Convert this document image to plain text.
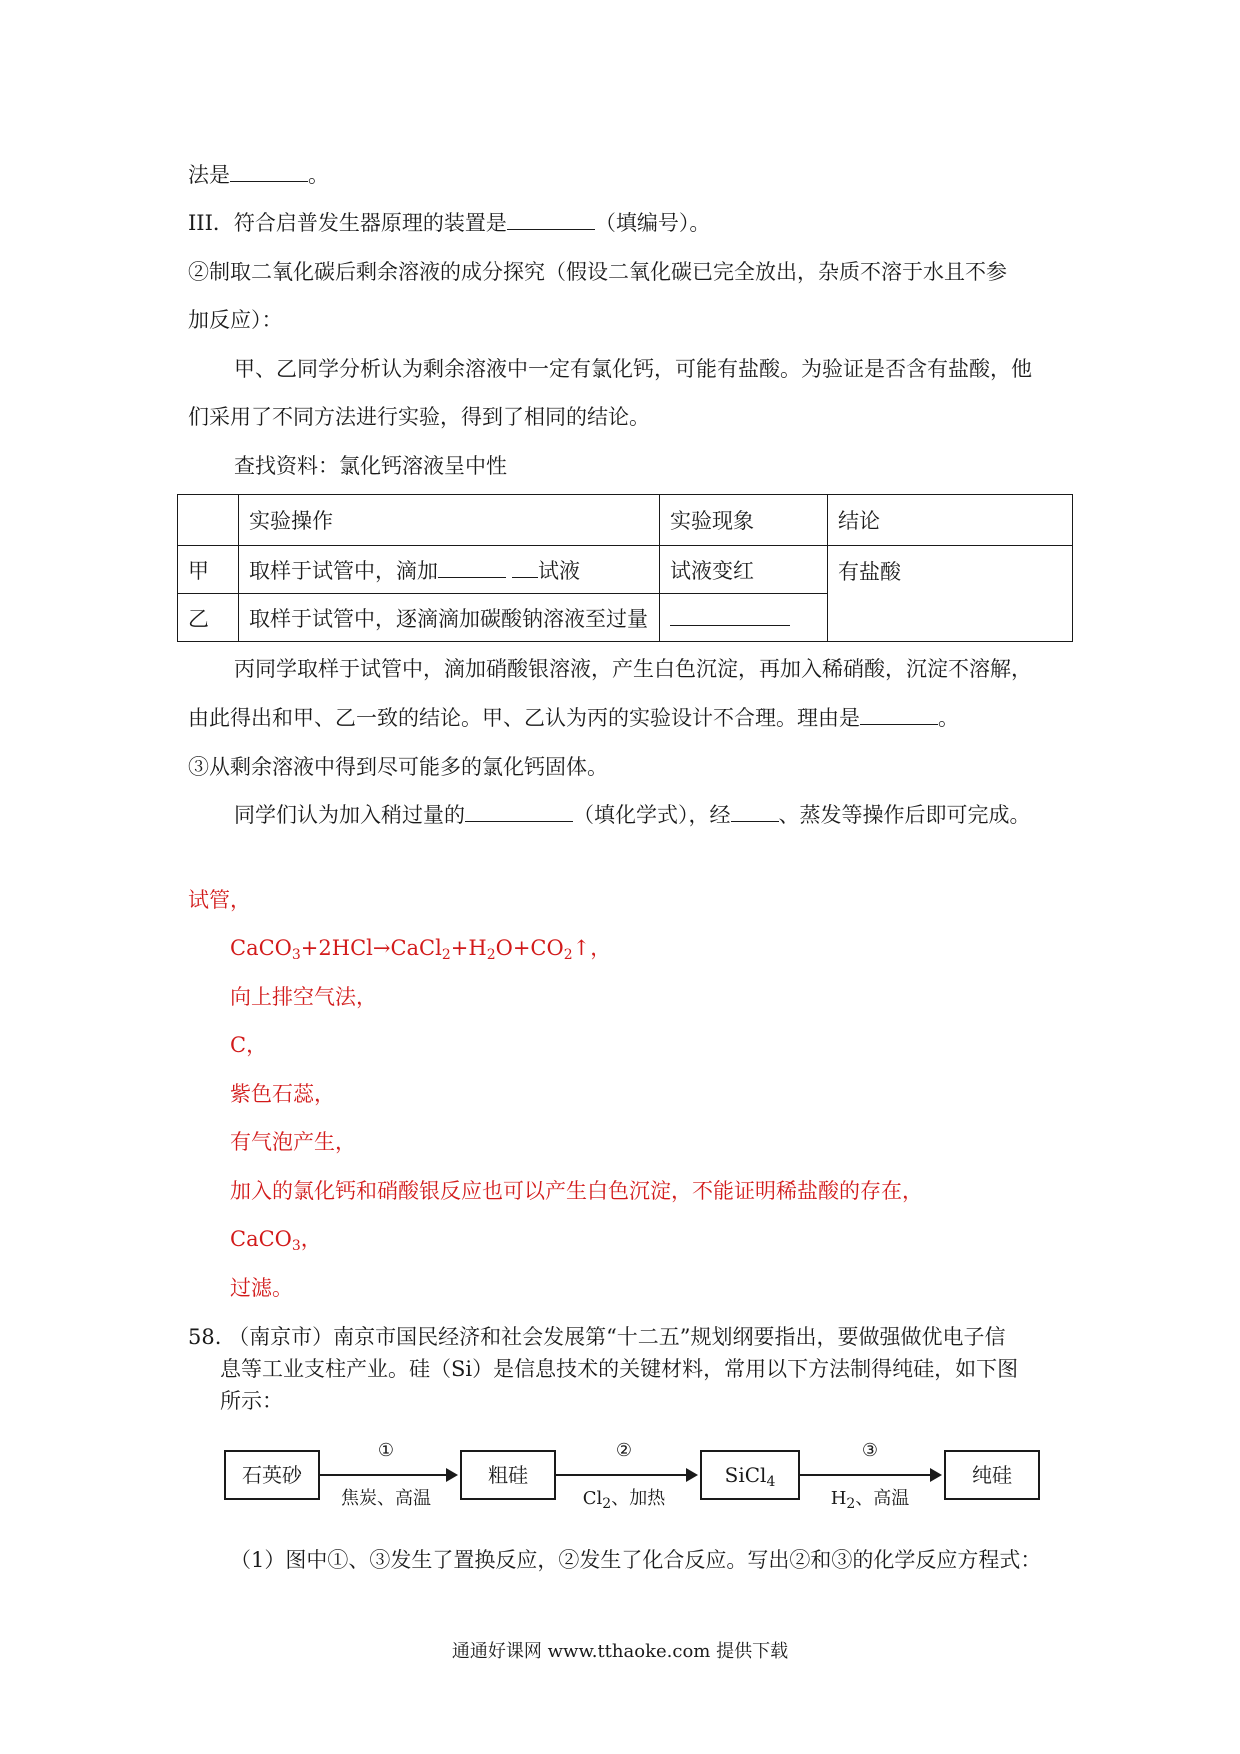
法是	。
III．符合启普发生器原理的装置是	（填编号）。
②制取二氧化碳后剩余溶液的成分探究（假设二氧化碳已完全放出，杂质不溶于水且不参
加反应）：
甲、乙同学分析认为剩余溶液中一定有氯化钙，可能有盐酸。为验证是否含有盐酸，他
们采用了不同方法进行实验，得到了相同的结论。
查找资料：氯化钙溶液呈中性
	实验操作	实验现象	结论
甲	取样于试管中，滴加 试液	试液变红	有盐酸
乙	取样于试管中，逐滴滴加碳酸钠溶液至过量		
丙同学取样于试管中，滴加硝酸银溶液，产生白色沉淀，再加入稀硝酸，沉淀不溶解，
由此得出和甲、乙一致的结论。甲、乙认为丙的实验设计不合理。理由是	。
③从剩余溶液中得到尽可能多的氯化钙固体。
同学们认为加入稍过量的	（填化学式），经 、蒸发等操作后即可完成。
试管，
$CaCO_3+2HCl\to CaCl_2+H_2O+CO_2↑$，
向上排空气法，
C，
紫色石蕊，
有气泡产生，
加入的氯化钙和硝酸银反应也可以产生白色沉淀，不能证明稀盐酸的存在，
CaCO$_3$，
过滤。
58. （南京市）南京市国民经济和社会发展第“十二五”规划纲要指出，要做强做优电子信
息等工业支柱产业。硅（Si）是信息技术的关键材料，常用以下方法制得纯硅，如下图
所示：
石英砂
①
焦炭、高温
粗硅
②
$Cl_2$、加热
SiCl$_4$
③
$H_2$、高温
纯硅
（1）图中①、③发生了置换反应，②发生了化合反应。写出②和③的化学反应方程式：
通通好课网 www.tthaoke.com 提供下载
